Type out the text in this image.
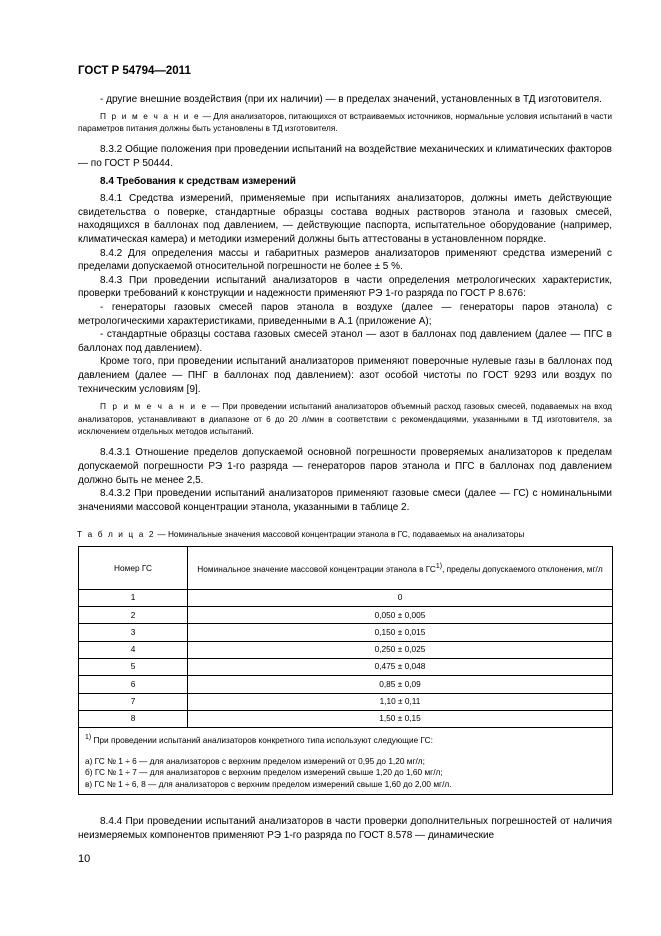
ГОСТ Р 54794—2011

- другие внешние воздействия (при их наличии) — в пределах значений, установленных в ТД изготовителя.

П р и м е ч а н и е — Для анализаторов, питающихся от встраиваемых источников, нормальные условия испытаний в части параметров питания должны быть установлены в ТД изготовителя.

8.3.2 Общие положения при проведении испытаний на воздействие механических и климатических факторов — по ГОСТ Р 50444.

8.4 Требования к средствам измерений

8.4.1 Средства измерений, применяемые при испытаниях анализаторов, должны иметь действующие свидетельства о поверке, стандартные образцы состава водных растворов этанола и газовых смесей, находящихся в баллонах под давлением, — действующие паспорта, испытательное оборудование (например, климатическая камера) и методики измерений должны быть аттестованы в установленном порядке.

8.4.2 Для определения массы и габаритных размеров анализаторов применяют средства измерений с пределами допускаемой относительной погрешности не более ± 5 %.

8.4.3 При проведении испытаний анализаторов в части определения метрологических характеристик, проверки требований к конструкции и надежности применяют РЭ 1-го разряда по ГОСТ Р 8.676:

- генераторы газовых смесей паров этанола в воздухе (далее — генераторы паров этанола) с метрологическими характеристиками, приведенными в А.1 (приложение А);

- стандартные образцы состава газовых смесей этанол — азот в баллонах под давлением (далее — ПГС в баллонах под давлением).

Кроме того, при проведении испытаний анализаторов применяют поверочные нулевые газы в баллонах под давлением (далее — ПНГ в баллонах под давлением): азот особой чистоты по ГОСТ 9293 или воздух по техническим условиям [9].

П р и м е ч а н и е — При проведении испытаний анализаторов объемный расход газовых смесей, подаваемых на вход анализаторов, устанавливают в диапазоне от 6 до 20 л/мин в соответствии с рекомендациями, указанными в ТД изготовителя, за исключением отдельных методов испытаний.

8.4.3.1 Отношение пределов допускаемой основной погрешности проверяемых анализаторов к пределам допускаемой погрешности РЭ 1-го разряда — генераторов паров этанола и ПГС в баллонах под давлением должно быть не менее 2,5.

8.4.3.2 При проведении испытаний анализаторов применяют газовые смеси (далее — ГС) с номинальными значениями массовой концентрации этанола, указанными в таблице 2.

Т а б л и ц а 2 — Номинальные значения массовой концентрации этанола в ГС, подаваемых на анализаторы
Номер ГС	Номинальное значение массовой концентрации этанола в ГС$^{1)}$, пределы допускаемого отклонения, мг/л
1	0
2	0,050 ± 0,005
3	0,150 ± 0,015
4	0,250 ± 0,025
5	0,475 ± 0,048
6	0,85 ± 0,09
7	1,10 ± 0,11
8	1,50 ± 0,15

$^{1)}$ При проведении испытаний анализаторов конкретного типа используют следующие ГС:
а) ГС № 1 ÷ 6 — для анализаторов с верхним пределом измерений от 0,95 до 1,20 мг/л;
б) ГС № 1 ÷ 7 — для анализаторов с верхним пределом измерений свыше 1,20 до 1,60 мг/л;
в) ГС № 1 ÷ 6, 8 — для анализаторов с верхним пределом измерений свыше 1,60 до 2,00 мг/л.	

8.4.4 При проведении испытаний анализаторов в части проверки дополнительных погрешностей от наличия неизмеряемых компонентов применяют РЭ 1-го разряда по ГОСТ 8.578 — динамические

10
